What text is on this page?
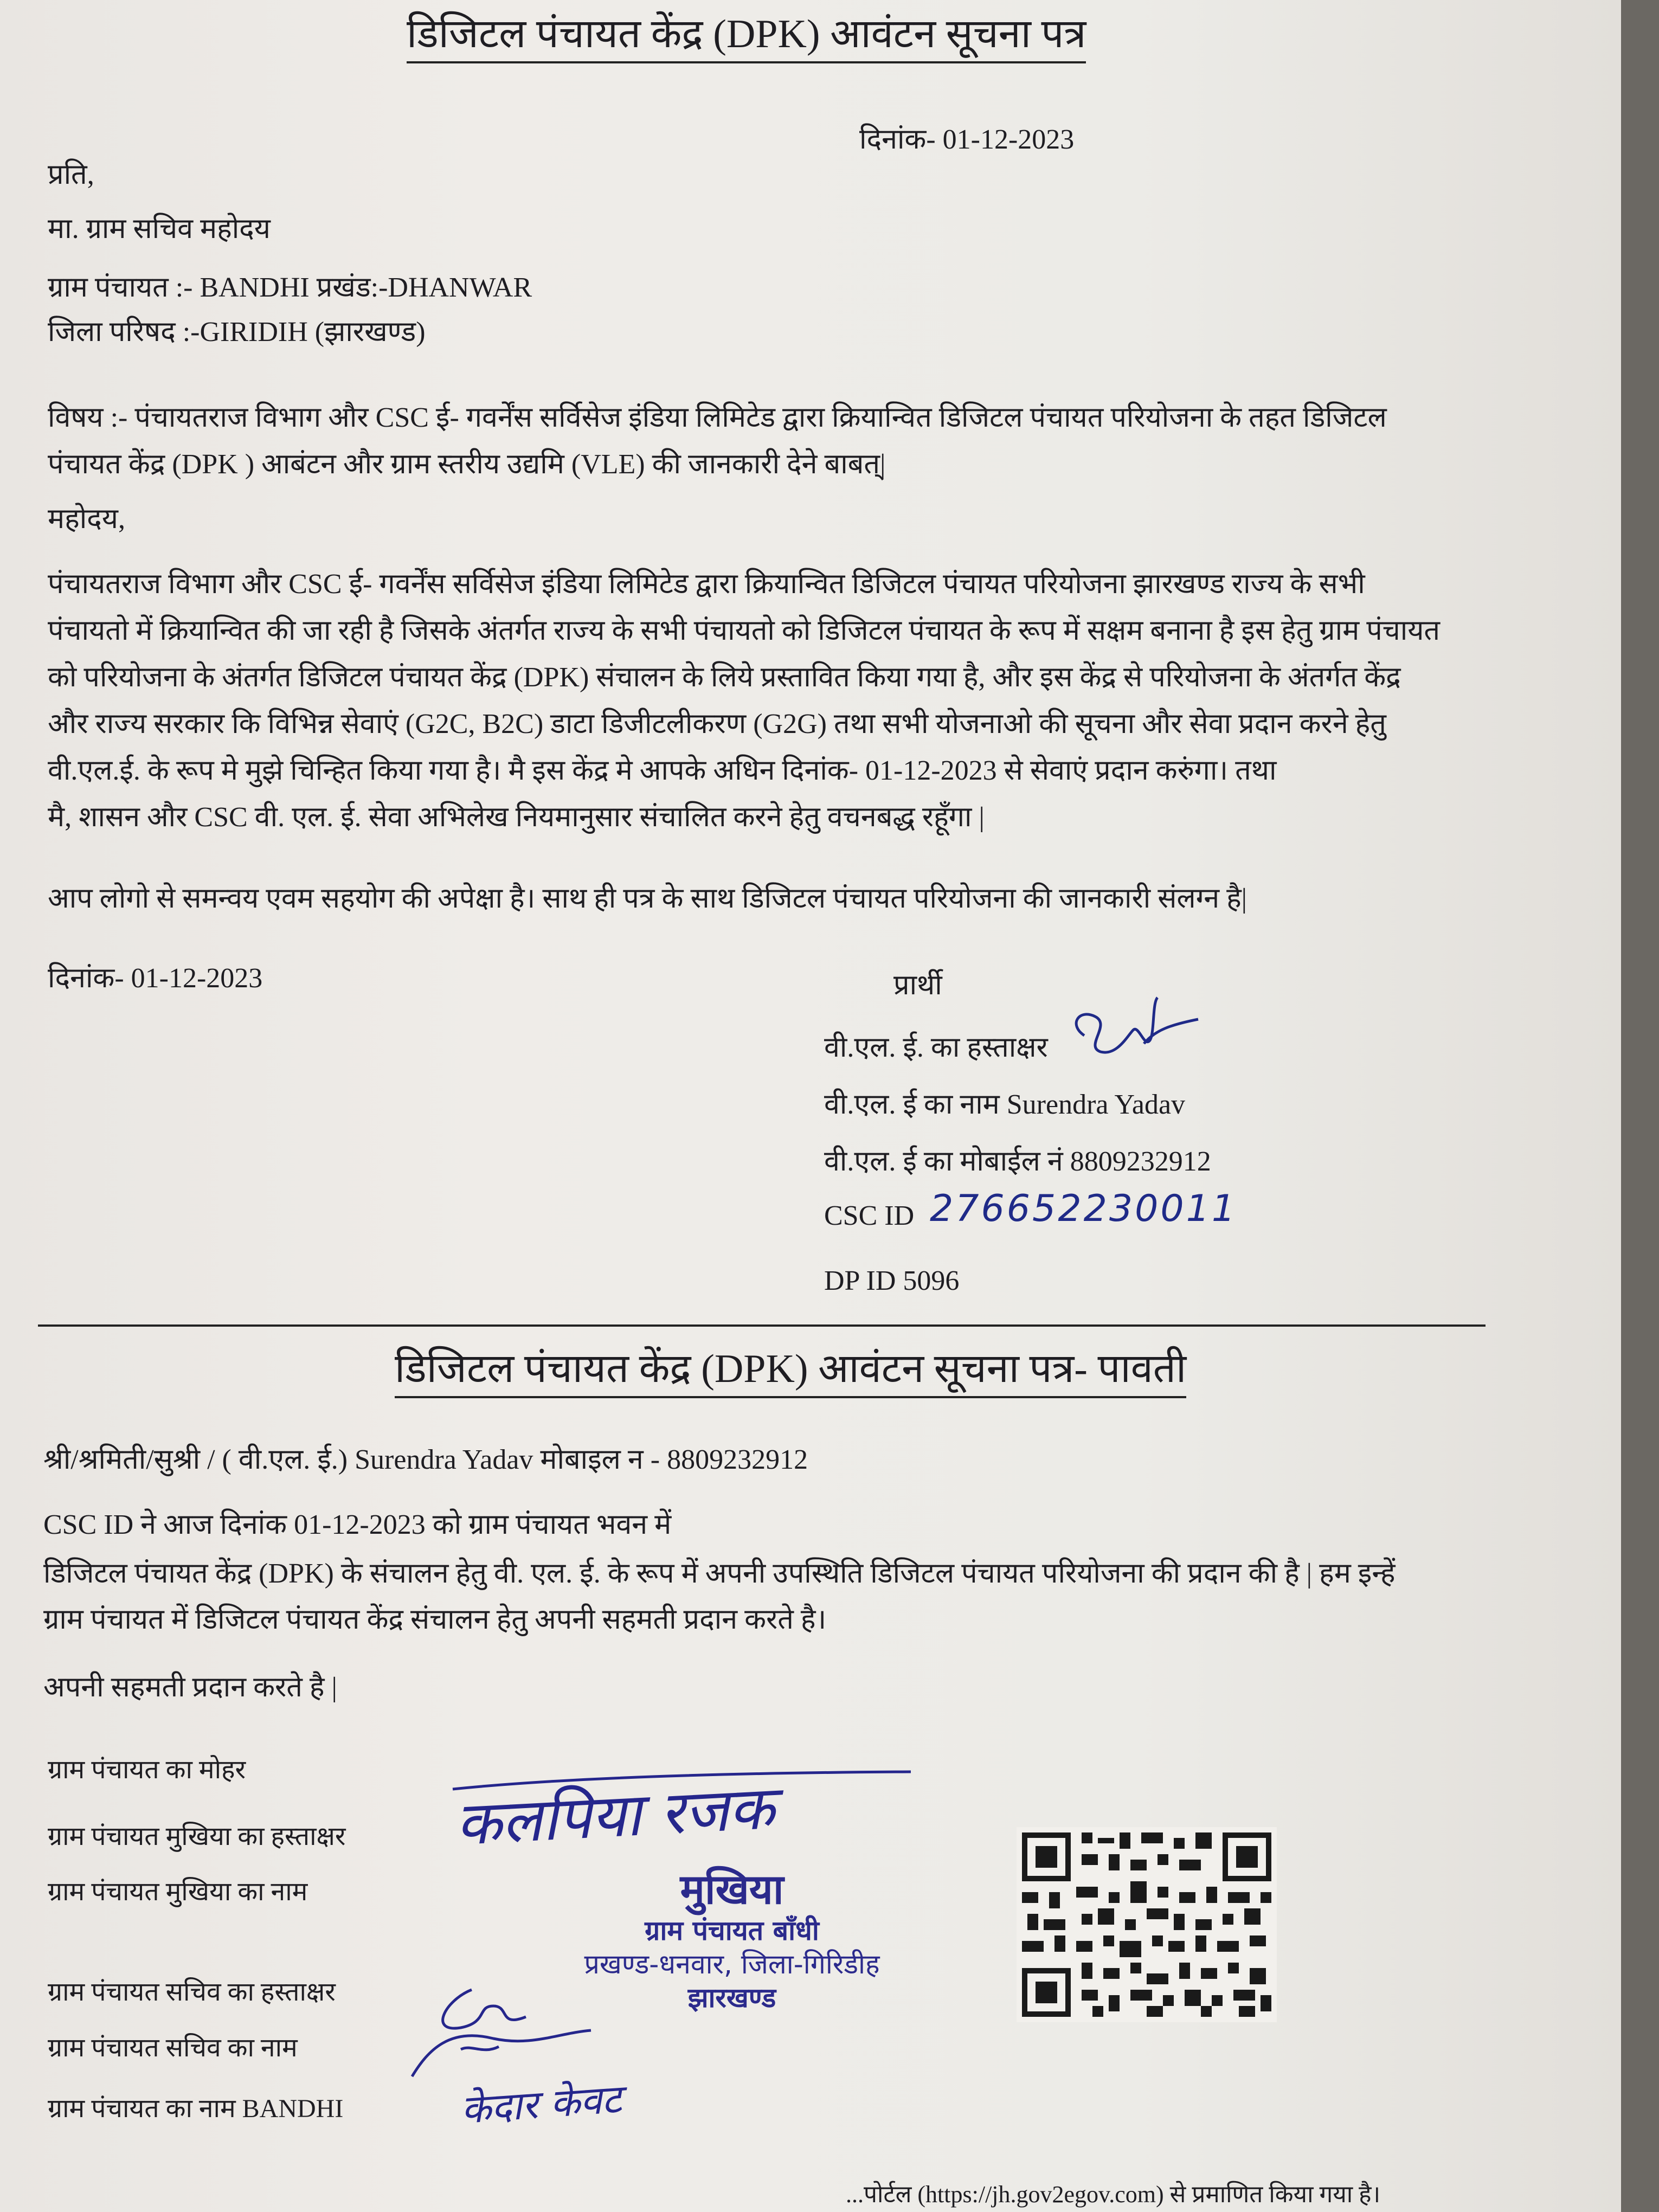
डिजिटल पंचायत केंद्र (DPK) आवंटन सूचना पत्र
दिनांक- 01-12-2023
प्रति,
मा. ग्राम सचिव महोदय
ग्राम पंचायत :- BANDHI प्रखंड:-DHANWAR
जिला परिषद :-GIRIDIH (झारखण्ड)
विषय :- पंचायतराज विभाग और CSC ई- गवर्नेंस सर्विसेज इंडिया लिमिटेड द्वारा क्रियान्वित डिजिटल पंचायत परियोजना के तहत डिजिटल
पंचायत केंद्र (DPK ) आबंटन और ग्राम स्तरीय उद्यमि (VLE) की जानकारी देने बाबत्|
महोदय,
पंचायतराज विभाग और CSC ई- गवर्नेंस सर्विसेज इंडिया लिमिटेड द्वारा क्रियान्वित डिजिटल पंचायत परियोजना झारखण्ड राज्य के सभी
पंचायतो में क्रियान्वित की जा रही है जिसके अंतर्गत राज्य के सभी पंचायतो को डिजिटल पंचायत के रूप में सक्षम बनाना है इस हेतु ग्राम पंचायत
को परियोजना के अंतर्गत डिजिटल पंचायत केंद्र (DPK) संचालन के लिये प्रस्तावित किया गया है, और इस केंद्र से परियोजना के अंतर्गत केंद्र
और राज्य सरकार कि विभिन्न सेवाएं (G2C, B2C) डाटा डिजीटलीकरण (G2G) तथा सभी योजनाओ की सूचना और सेवा प्रदान करने हेतु
वी.एल.ई. के रूप मे मुझे चिन्हित किया गया है। मै इस केंद्र मे आपके अधिन दिनांक- 01-12-2023 से सेवाएं प्रदान करुंगा। तथा
मै, शासन और CSC वी. एल. ई. सेवा अभिलेख नियमानुसार संचालित करने हेतु वचनबद्ध रहूँगा |
आप लोगो से समन्वय एवम सहयोग की अपेक्षा है। साथ ही पत्र के साथ डिजिटल पंचायत परियोजना की जानकारी संलग्न है|
दिनांक- 01-12-2023	प्रार्थी
वी.एल. ई. का हस्ताक्षर
वी.एल. ई का नाम Surendra Yadav
वी.एल. ई का मोबाईल नं 8809232912
CSC ID 276652230011
DP ID 5096
डिजिटल पंचायत केंद्र (DPK) आवंटन सूचना पत्र- पावती
श्री/श्रमिती/सुश्री / ( वी.एल. ई.) Surendra Yadav मोबाइल न - 8809232912
CSC ID ने आज दिनांक 01-12-2023 को ग्राम पंचायत भवन में
डिजिटल पंचायत केंद्र (DPK) के संचालन हेतु वी. एल. ई. के रूप में अपनी उपस्थिति डिजिटल पंचायत परियोजना की प्रदान की है | हम इन्हें
ग्राम पंचायत में डिजिटल पंचायत केंद्र संचालन हेतु अपनी सहमती प्रदान करते है।
अपनी सहमती प्रदान करते है |
ग्राम पंचायत का मोहर
ग्राम पंचायत मुखिया का हस्ताक्षर
ग्राम पंचायत मुखिया का नाम
ग्राम पंचायत सचिव का हस्ताक्षर
ग्राम पंचायत सचिव का नाम
ग्राम पंचायत का नाम BANDHI
कलपिया रजक
मुखिया
ग्राम पंचायत बाँधी
प्रखण्ड-धनवार, जिला-गिरिडीह
झारखण्ड
केदार केवट
...पोर्टल (https://jh.gov2egov.com) से प्रमाणित किया गया है।
